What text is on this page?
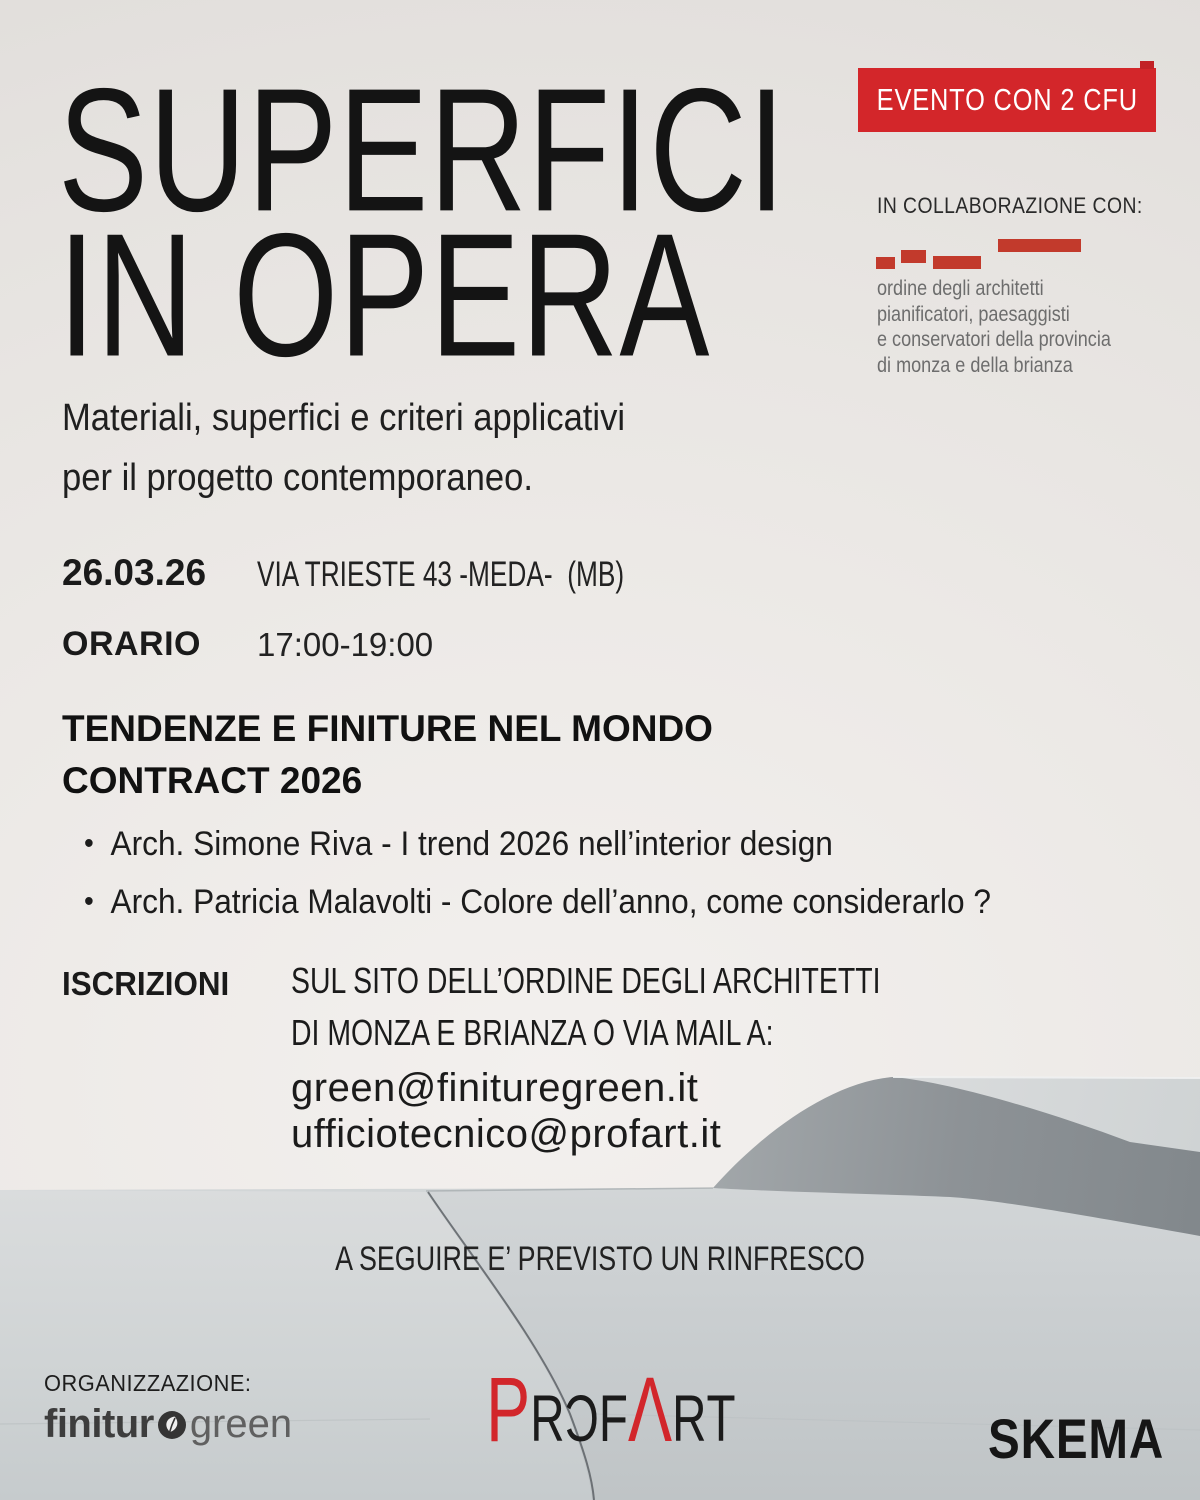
EVENTO CON 2 CFU
IN COLLABORAZIONE CON:
ordine degli architetti
pianificatori, paesaggisti
e conservatori della provincia
di monza e della brianza
SUPERFICI
IN OPERA
Materiali, superfici e criteri applicativi
per il progetto contemporaneo.
26.03.26 VIA TRIESTE 43 -MEDA-  (MB)
ORARIO 17:00-19:00
TENDENZE E FINITURE NEL MONDO
CONTRACT 2026
• Arch. Simone Riva - I trend 2026 nell’interior design
• Arch. Patricia Malavolti - Colore dell’anno, come considerarlo ?
ISCRIZIONI SUL SITO DELL’ORDINE DEGLI ARCHITETTI
DI MONZA E BRIANZA O VIA MAIL A:
green@finituregreen.it
ufficiotecnico@profart.it
A SEGUIRE E’ PREVISTO UN RINFRESCO
ORGANIZZAZIONE:
finitur green P R Ɔ F Λ R T	SKEMA
